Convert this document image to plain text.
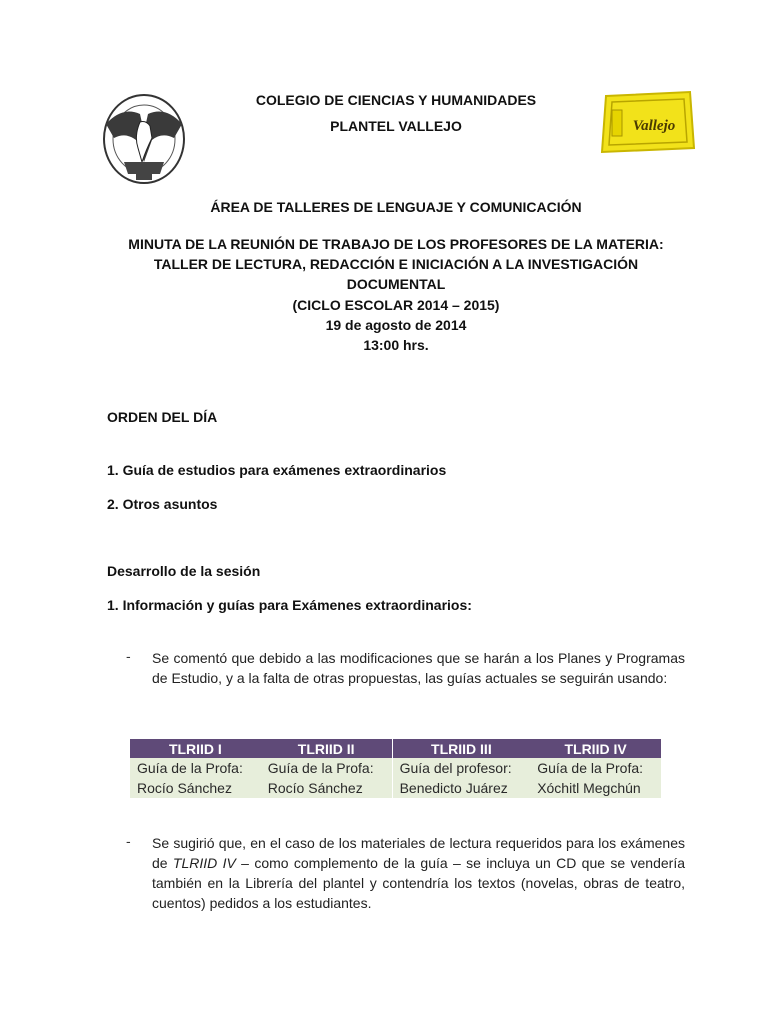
Vallejo
COLEGIO DE CIENCIAS Y HUMANIDADES
PLANTEL VALLEJO
ÁREA DE TALLERES DE LENGUAJE Y COMUNICACIÓN
MINUTA DE LA REUNIÓN DE TRABAJO DE LOS PROFESORES DE LA MATERIA:
TALLER DE LECTURA, REDACCIÓN E INICIACIÓN A LA INVESTIGACIÓN
DOCUMENTAL
(CICLO ESCOLAR 2014 – 2015)
19 de agosto de 2014
13:00 hrs.
ORDEN DEL DÍA
1. Guía de estudios para exámenes extraordinarios
2. Otros asuntos
Desarrollo de la sesión
1. Información y guías para Exámenes extraordinarios:
- Se comentó que debido a las modificaciones que se harán a los Planes y Programas de Estudio, y a la falta de otras propuestas, las guías actuales se seguirán usando:
TLRIID I	TLRIID II	TLRIID III	TLRIID IV
Guía de la Profa:	Guía de la Profa:	Guía del profesor:	Guía de la Profa:
Rocío Sánchez	Rocío Sánchez	Benedicto Juárez	Xóchitl Megchún
- Se sugirió que, en el caso de los materiales de lectura requeridos para los exámenes de TLRIID IV – como complemento de la guía – se incluya un CD que se vendería también en la Librería del plantel y contendría los textos (novelas, obras de teatro, cuentos) pedidos a los estudiantes.
